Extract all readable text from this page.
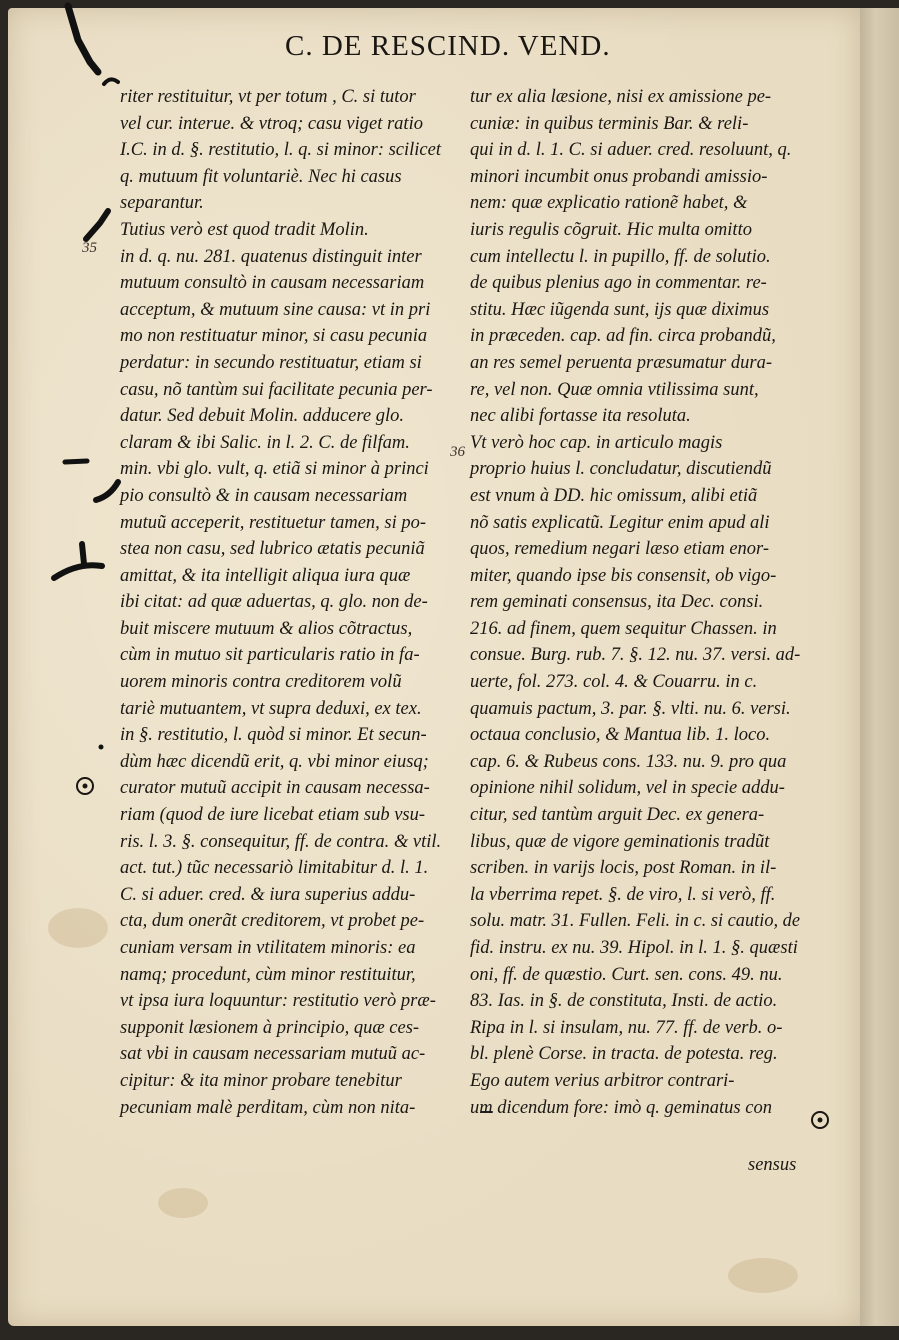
C. DE RESCIND. VEND.
35
36
riter restituitur, vt per totum , C. si tutor
vel cur. interue. & vtroq; casu viget ratio
I.C. in d. §. restitutio, l. q. si minor: scilicet
q. mutuum fit voluntariè. Nec hi casus
separantur.
Tutius verò est quod tradit Molin.
in d. q. nu. 281. quatenus distinguit inter
mutuum consultò in causam necessariam
acceptum, & mutuum sine causa: vt in pri
mo non restituatur minor, si casu pecunia
perdatur: in secundo restituatur, etiam si
casu, nõ tantùm sui facilitate pecunia per-
datur. Sed debuit Molin. adducere glo.
claram & ibi Salic. in l. 2. C. de filfam.
min. vbi glo. vult, q. etiã si minor à princi
pio consultò & in causam necessariam
mutuũ acceperit, restituetur tamen, si po-
stea non casu, sed lubrico ætatis pecuniã
amittat, & ita intelligit aliqua iura quæ
ibi citat: ad quæ aduertas, q. glo. non de-
buit miscere mutuum & alios cõtractus,
cùm in mutuo sit particularis ratio in fa-
uorem minoris contra creditorem volũ
tariè mutuantem, vt supra deduxi, ex tex.
in §. restitutio, l. quòd si minor. Et secun-
dùm hæc dicendũ erit, q. vbi minor eiusq;
curator mutuũ accipit in causam necessa-
riam (quod de iure licebat etiam sub vsu-
ris. l. 3. §. consequitur, ff. de contra. & vtil.
act. tut.) tũc necessariò limitabitur d. l. 1.
C. si aduer. cred. & iura superius addu-
cta, dum onerãt creditorem, vt probet pe-
cuniam versam in vtilitatem minoris: ea
namq; procedunt, cùm minor restituitur,
vt ipsa iura loquuntur: restitutio verò præ-
supponit læsionem à principio, quæ ces-
sat vbi in causam necessariam mutuũ ac-
cipitur: & ita minor probare tenebitur
pecuniam malè perditam, cùm non nita-
tur ex alia læsione, nisi ex amissione pe-
cuniæ: in quibus terminis Bar. & reli-
qui in d. l. 1. C. si aduer. cred. resoluunt, q.
minori incumbit onus probandi amissio-
nem: quæ explicatio rationẽ habet, &
iuris regulis cõgruit. Hic multa omitto
cum intellectu l. in pupillo, ff. de solutio.
de quibus plenius ago in commentar. re-
stitu. Hæc iũgenda sunt, ijs quæ diximus
in præceden. cap. ad fin. circa probandũ,
an res semel peruenta præsumatur dura-
re, vel non. Quæ omnia vtilissima sunt,
nec alibi fortasse ita resoluta.
Vt verò hoc cap. in articulo magis
proprio huius l. concludatur, discutiendũ
est vnum à DD. hic omissum, alibi etiã
nõ satis explicatũ. Legitur enim apud ali
quos, remedium negari læso etiam enor-
miter, quando ipse bis consensit, ob vigo-
rem geminati consensus, ita Dec. consi.
216. ad finem, quem sequitur Chassen. in
consue. Burg. rub. 7. §. 12. nu. 37. versi. ad-
uerte, fol. 273. col. 4. & Couarru. in c.
quamuis pactum, 3. par. §. vlti. nu. 6. versi.
octaua conclusio, & Mantua lib. 1. loco.
cap. 6. & Rubeus cons. 133. nu. 9. pro qua
opinione nihil solidum, vel in specie addu-
citur, sed tantùm arguit Dec. ex genera-
libus, quæ de vigore geminationis tradũt
scriben. in varijs locis, post Roman. in il-
la vberrima repet. §. de viro, l. si verò, ff.
solu. matr. 31. Fullen. Feli. in c. si cautio, de
fid. instru. ex nu. 39. Hipol. in l. 1. §. quæsti
oni, ff. de quæstio. Curt. sen. cons. 49. nu.
83. Ias. in §. de constituta, Insti. de actio.
Ripa in l. si insulam, nu. 77. ff. de verb. o-
bl. plenè Corse. in tracta. de potesta. reg.
Ego autem verius arbitror contrari-
um dicendum fore: imò q. geminatus con
sensus
